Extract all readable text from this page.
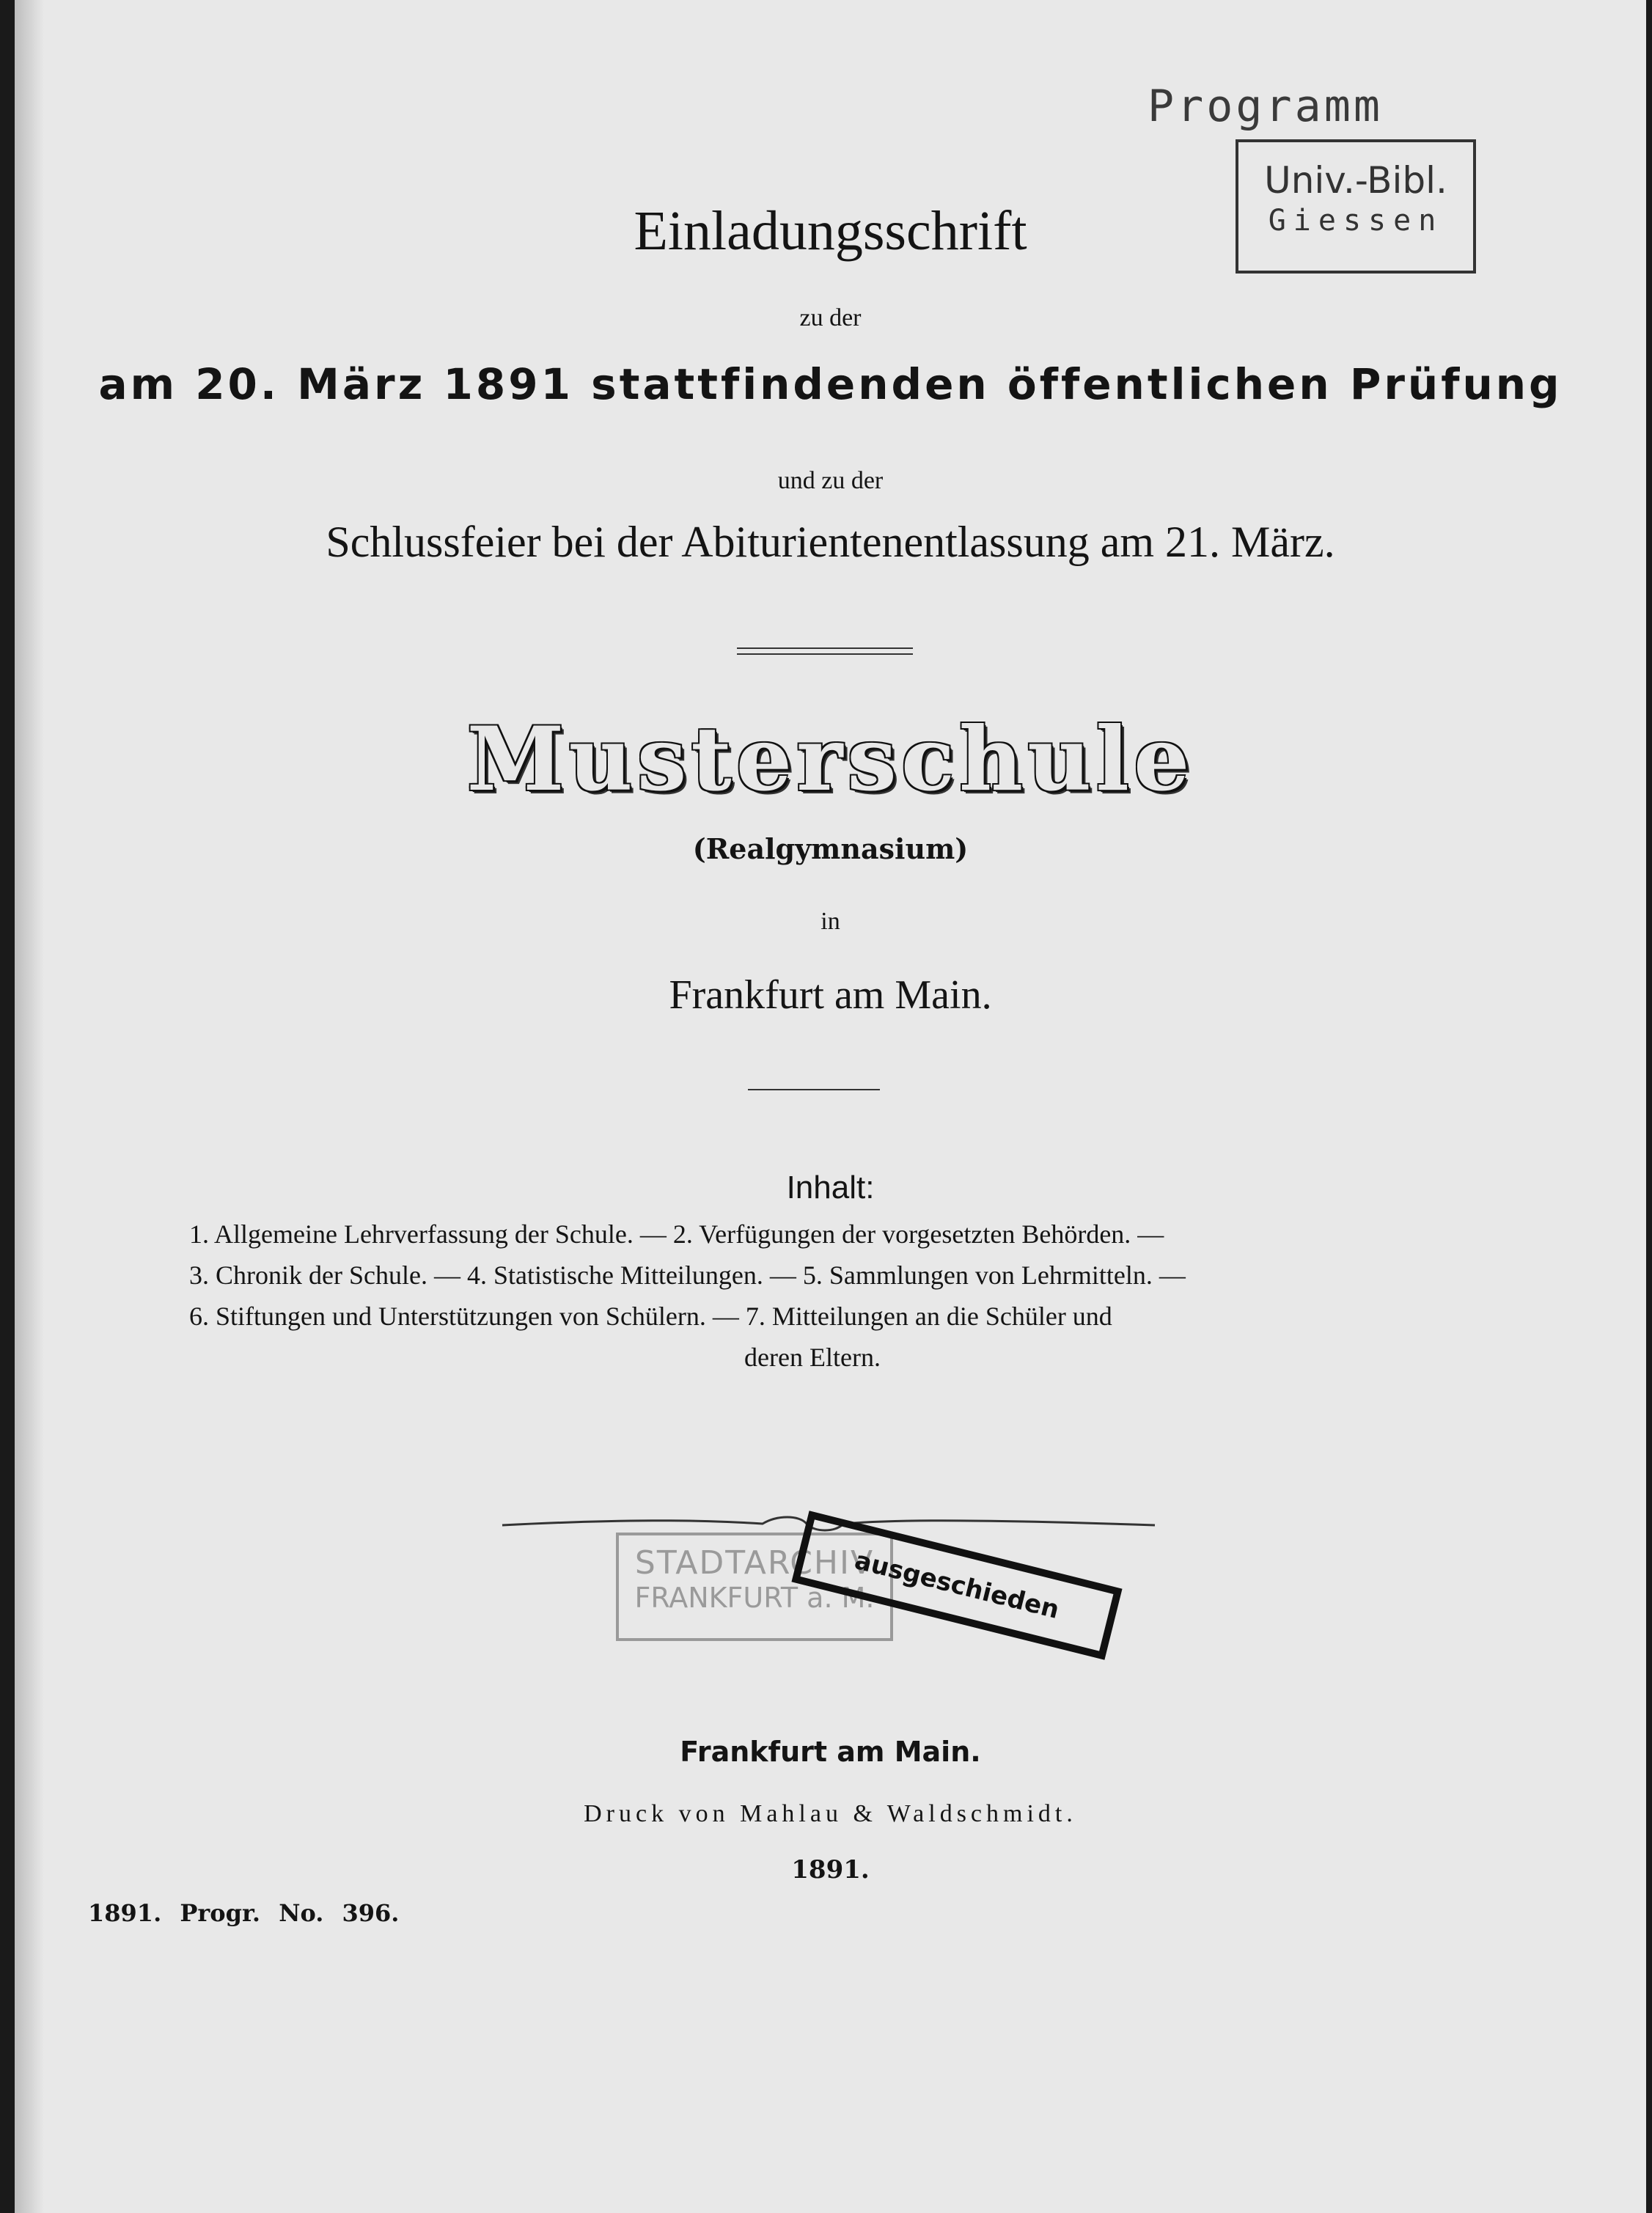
Programm
Univ.-Bibl.
Giessen
Einladungsschrift
zu der
am 20. März 1891 stattfindenden öffentlichen Prüfung
und zu der
Schlussfeier bei der Abiturientenentlassung am 21. März.
Musterschule
(Realgymnasium)
in
Frankfurt am Main.
Inhalt:
1. Allgemeine Lehrverfassung der Schule. — 2. Verfügungen der vorgesetzten Behörden. —
3. Chronik der Schule. — 4. Statistische Mitteilungen. — 5. Sammlungen von Lehrmitteln. —
6. Stiftungen und Unterstützungen von Schülern. — 7. Mitteilungen an die Schüler und
deren Eltern.
STADTARCHIV
FRANKFURT a. M.
ausgeschieden
Frankfurt am Main.
Druck von Mahlau & Waldschmidt.
1891.
1891. Progr. No. 396.
